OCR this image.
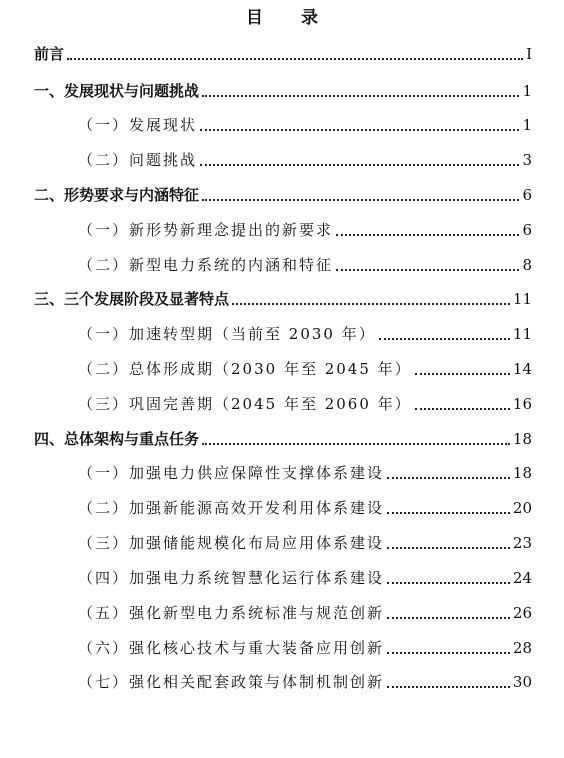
目 录
前言	I
一、发展现状与问题挑战	1
（一）发展现状	1
（二）问题挑战	3
二、形势要求与内涵特征	6
（一）新形势新理念提出的新要求	6
（二）新型电力系统的内涵和特征	8
三、三个发展阶段及显著特点	11
（一）加速转型期（当前至 2030 年）	11
（二）总体形成期（2030 年至 2045 年）	14
（三）巩固完善期（2045 年至 2060 年）	16
四、总体架构与重点任务	18
（一）加强电力供应保障性支撑体系建设	18
（二）加强新能源高效开发利用体系建设	20
（三）加强储能规模化布局应用体系建设	23
（四）加强电力系统智慧化运行体系建设	24
（五）强化新型电力系统标准与规范创新	26
（六）强化核心技术与重大装备应用创新	28
（七）强化相关配套政策与体制机制创新	30
